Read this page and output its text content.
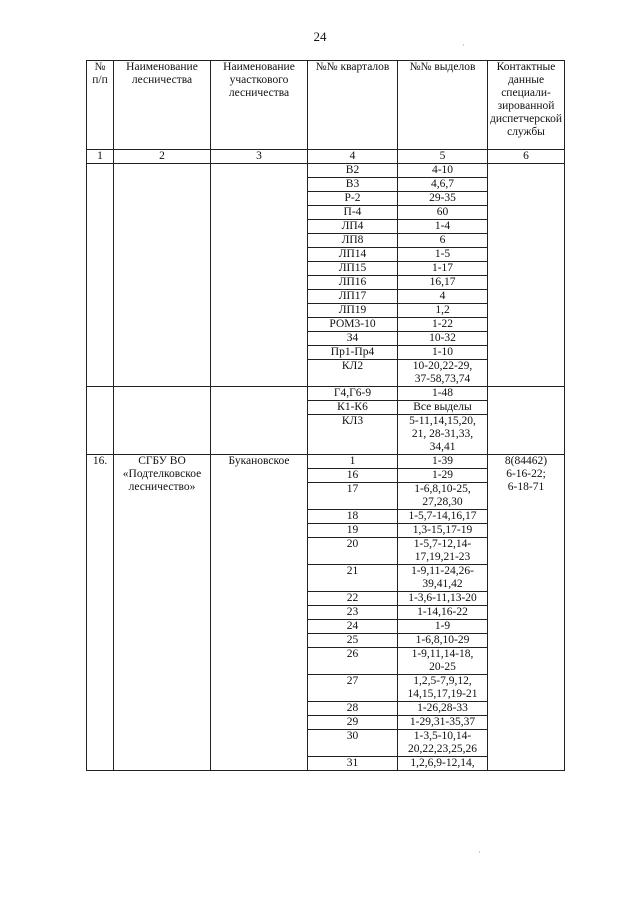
24
№ п/п	Наименование лесничества	Наименование участкового лесничества	№№ кварталов	№№ выделов	Контактные данные специали-зированной диспетчерской службы
1	2	3	4	5	6
			В2	4-10	
			В3	4,6,7	
			Р-2	29-35	
			П-4	60	
			ЛП4	1-4	
			ЛП8	6	
			ЛП14	1-5	
			ЛП15	1-17	
			ЛП16	16,17	
			ЛП17	4	
			ЛП19	1,2	
			РОМ3-10	1-22	
			З4	10-32	
			Пр1-Пр4	1-10	
			КЛ2	10-20,22-29,
37-58,73,74	
			Г4,Г6-9	1-48	
			К1-К6	Все выделы	
			КЛ3	5-11,14,15,20,
21, 28-31,33,
34,41	
16.	СГБУ ВО «Подтелковское лесничество»	Букановское	1	1-39	8(84462)
6-16-22;
6-18-71
			16	1-29	
			17	1-6,8,10-25,
27,28,30	
			18	1-5,7-14,16,17	
			19	1,3-15,17-19	
			20	1-5,7-12,14-
17,19,21-23	
			21	1-9,11-24,26-
39,41,42	
			22	1-3,6-11,13-20	
			23	1-14,16-22	
			24	1-9	
			25	1-6,8,10-29	
			26	1-9,11,14-18,
20-25	
			27	1,2,5-7,9,12,
14,15,17,19-21	
			28	1-26,28-33	
			29	1-29,31-35,37	
			30	1-3,5-10,14-
20,22,23,25,26	
			31	1,2,6,9-12,14,	
·
·
